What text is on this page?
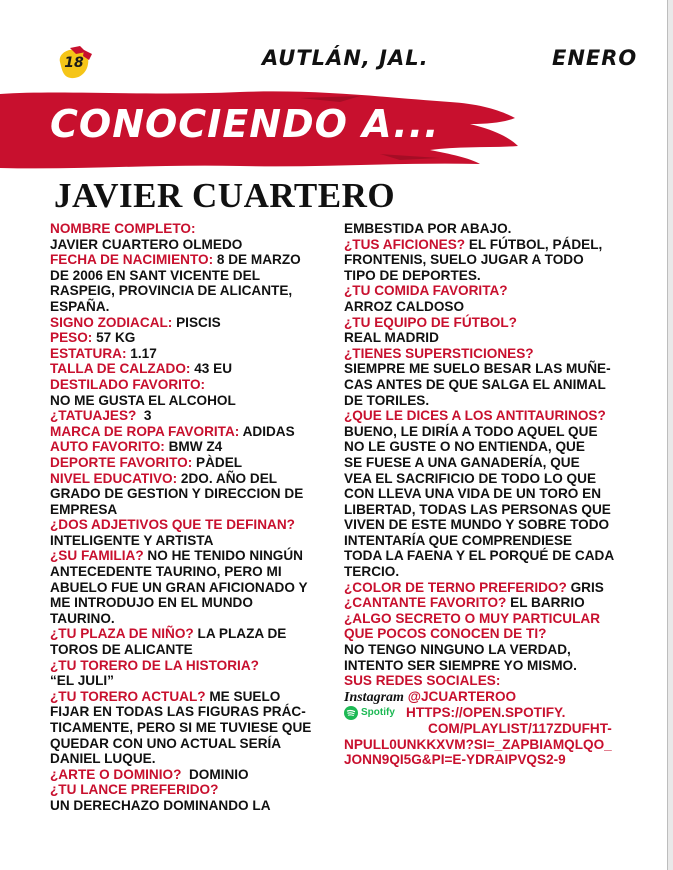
18	AUTLÁN, JAL.	ENERO
CONOCIENDO A...
JAVIER CUARTERO
NOMBRE COMPLETO:
JAVIER CUARTERO OLMEDO
FECHA DE NACIMIENTO: 8 DE MARZO
DE 2006 EN SANT VICENTE DEL
RASPEIG, PROVINCIA DE ALICANTE,
ESPAÑA.
SIGNO ZODIACAL: PISCIS
PESO: 57 KG
ESTATURA: 1.17
TALLA DE CALZADO: 43 EU
DESTILADO FAVORITO:
NO ME GUSTA EL ALCOHOL
¿TATUAJES?  3
MARCA DE ROPA FAVORITA: ADIDAS
AUTO FAVORITO: BMW Z4
DEPORTE FAVORITO: PÀDEL
NIVEL EDUCATIVO: 2DO. AÑO DEL
GRADO DE GESTION Y DIRECCION DE
EMPRESA
¿DOS ADJETIVOS QUE TE DEFINAN?
INTELIGENTE Y ARTISTA
¿SU FAMILIA? NO HE TENIDO NINGÚN
ANTECEDENTE TAURINO, PERO MI
ABUELO FUE UN GRAN AFICIONADO Y
ME INTRODUJO EN EL MUNDO
TAURINO.
¿TU PLAZA DE NIÑO? LA PLAZA DE
TOROS DE ALICANTE
¿TU TORERO DE LA HISTORIA?
“EL JULI”
¿TU TORERO ACTUAL? ME SUELO
FIJAR EN TODAS LAS FIGURAS PRÁC-
TICAMENTE, PERO SI ME TUVIESE QUE
QUEDAR CON UNO ACTUAL SERÍA
DANIEL LUQUE.
¿ARTE O DOMINIO?  DOMINIO
¿TU LANCE PREFERIDO?
UN DERECHAZO DOMINANDO LA
EMBESTIDA POR ABAJO.
¿TUS AFICIONES? EL FÚTBOL, PÁDEL,
FRONTENIS, SUELO JUGAR A TODO
TIPO DE DEPORTES.
¿TU COMIDA FAVORITA?
ARROZ CALDOSO
¿TU EQUIPO DE FÚTBOL?
REAL MADRID
¿TIENES SUPERSTICIONES?
SIEMPRE ME SUELO BESAR LAS MUÑE-
CAS ANTES DE QUE SALGA EL ANIMAL
DE TORILES.
¿QUE LE DICES A LOS ANTITAURINOS?
BUENO, LE DIRÍA A TODO AQUEL QUE
NO LE GUSTE O NO ENTIENDA, QUE
SE FUESE A UNA GANADERÍA, QUE
VEA EL SACRIFICIO DE TODO LO QUE
CON LLEVA UNA VIDA DE UN TORO EN
LIBERTAD, TODAS LAS PERSONAS QUE
VIVEN DE ESTE MUNDO Y SOBRE TODO
INTENTARÍA QUE COMPRENDIESE
TODA LA FAENA Y EL PORQUÉ DE CADA
TERCIO.
¿COLOR DE TERNO PREFERIDO? GRIS
¿CANTANTE FAVORITO? EL BARRIO
¿ALGO SECRETO O MUY PARTICULAR
QUE POCOS CONOCEN DE TI?
NO TENGO NINGUNO LA VERDAD,
INTENTO SER SIEMPRE YO MISMO.
SUS REDES SOCIALES:
Instagram @JCUARTEROO
Spotify HTTPS://OPEN.SPOTIFY.
COM/PLAYLIST/117ZDUFHT-
NPULL0UNKKXVM?SI=_ZAPBIAMQLQO_
JONN9QI5G&PI=E-YDRAIPVQS2-9
